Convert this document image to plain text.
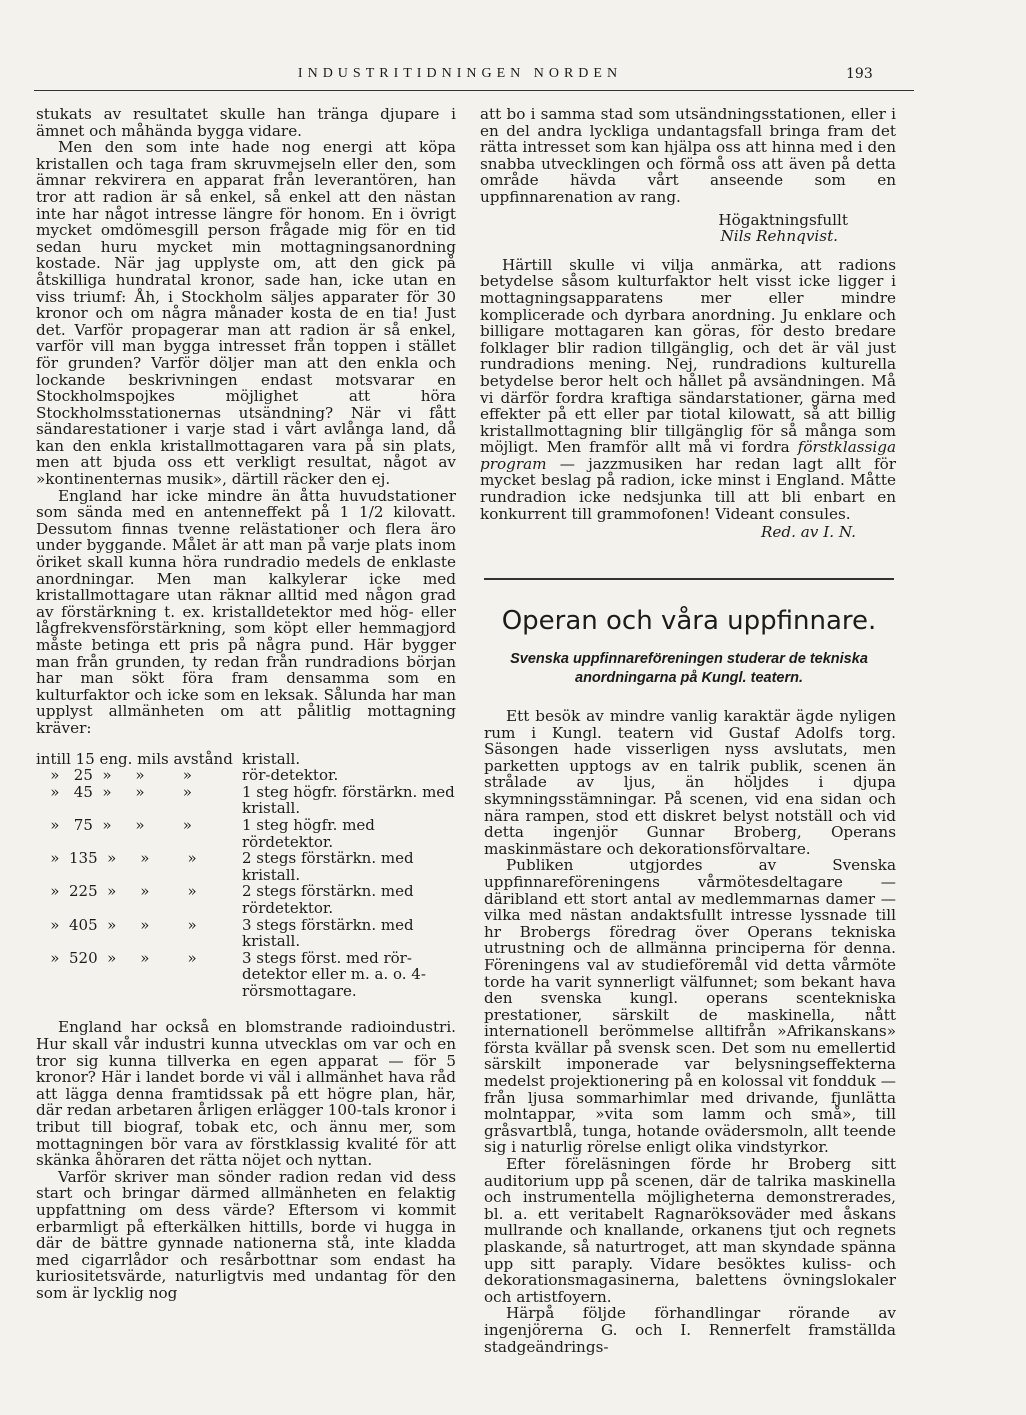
INDUSTRITIDNINGEN NORDEN	193

stukats av resultatet skulle han tränga djupare i ämnet och måhända bygga vidare.

Men den som inte hade nog energi att köpa kristallen och taga fram skruvmejseln eller den, som ämnar rekvirera en apparat från leverantören, han tror att radion är så enkel, så enkel att den nästan inte har något intresse längre för honom. En i övrigt mycket omdömesgill person frågade mig för en tid sedan huru mycket min mottagningsanordning kostade. När jag upplyste om, att den gick på åtskilliga hundratal kronor, sade han, icke utan en viss triumf: Åh, i Stockholm säljes apparater för 30 kronor och om några månader kosta de en tia! Just det. Varför propagerar man att radion är så enkel, varför vill man bygga intresset från toppen i stället för grunden? Varför döljer man att den enkla och lockande beskrivningen endast motsvarar en Stockholmspojkes möjlighet att höra Stockholmsstationernas utsändning? När vi fått sändarestationer i varje stad i vårt avlånga land, då kan den enkla kristallmottagaren vara på sin plats, men att bjuda oss ett verkligt resultat, något av »kontinenternas musik», därtill räcker den ej.

England har icke mindre än åtta huvudstationer som sända med en antenneffekt på 1 1/2 kilovatt. Dessutom finnas tvenne relästationer och flera äro under byggande. Målet är att man på varje plats inom öriket skall kunna höra rundradio medels de enklaste anordningar. Men man kalkylerar icke med kristallmottagare utan räknar alltid med någon grad av förstärkning t. ex. kristalldetektor med hög- eller lågfrekvensförstärkning, som köpt eller hemmagjord måste betinga ett pris på några pund. Här bygger man från grunden, ty redan från rundradions början har man sökt föra fram densamma som en kulturfaktor och icke som en leksak. Sålunda har man upplyst allmänheten om att pålitlig mottagning kräver:

intill 15 eng. mils avstånd kristall.
»   25  »     »        »	rör-detektor.
»   45  »     »        »	1 steg högfr. förstärkn. med kristall.
»   75  »     »        »	1 steg högfr. med rördetektor.
»  135  »     »        »	2 stegs förstärkn. med kristall.
»  225  »     »        »	2 stegs förstärkn. med rördetektor.
»  405  »     »        »	3 stegs förstärkn. med kristall.
»  520  »     »        »	3 stegs först. med rör-detektor eller m. a. o. 4-rörsmottagare.

England har också en blomstrande radioindustri. Hur skall vår industri kunna utvecklas om var och en tror sig kunna tillverka en egen apparat — för 5 kronor? Här i landet borde vi väl i allmänhet hava råd att lägga denna framtidssak på ett högre plan, här, där redan arbetaren årligen erlägger 100-tals kronor i tribut till biograf, tobak etc, och ännu mer, som mottagningen bör vara av förstklassig kvalité för att skänka åhöraren det rätta nöjet och nyttan.

Varför skriver man sönder radion redan vid dess start och bringar därmed allmänheten en felaktig uppfattning om dess värde? Eftersom vi kommit erbarmligt på efterkälken hittills, borde vi hugga in där de bättre gynnade nationerna stå, inte kladda med cigarrlådor och resårbottnar som endast ha kuriositetsvärde, naturligtvis med undantag för den som är lycklig nog

att bo i samma stad som utsändningsstationen, eller i en del andra lyckliga undantagsfall bringa fram det rätta intresset som kan hjälpa oss att hinna med i den snabba utvecklingen och förmå oss att även på detta område hävda vårt anseende som en uppfinnarenation av rang.

Högaktningsfullt
Nils Rehnqvist.

Härtill skulle vi vilja anmärka, att radions betydelse såsom kulturfaktor helt visst icke ligger i mottagningsapparatens mer eller mindre komplicerade och dyrbara anordning. Ju enklare och billigare mottagaren kan göras, för desto bredare folklager blir radion tillgänglig, och det är väl just rundradions mening. Nej, rundradions kulturella betydelse beror helt och hållet på avsändningen. Må vi därför fordra kraftiga sändarstationer, gärna med effekter på ett eller par tiotal kilowatt, så att billig kristallmottagning blir tillgänglig för så många som möjligt. Men framför allt må vi fordra förstklassiga program — jazzmusiken har redan lagt allt för mycket beslag på radion, icke minst i England. Måtte rundradion icke nedsjunka till att bli enbart en konkurrent till grammofonen! Videant consules.

Red. av I. N.
Operan och våra uppfinnare.
Svenska uppfinnareföreningen studerar de tekniska anordningarna på Kungl. teatern.

Ett besök av mindre vanlig karaktär ägde nyligen rum i Kungl. teatern vid Gustaf Adolfs torg. Säsongen hade visserligen nyss avslutats, men parketten upptogs av en talrik publik, scenen än strålade av ljus, än höljdes i djupa skymningsstämningar. På scenen, vid ena sidan och nära rampen, stod ett diskret belyst notställ och vid detta ingenjör Gunnar Broberg, Operans maskinmästare och dekorationsförvaltare.

Publiken utgjordes av Svenska uppfinnareföreningens vårmötesdeltagare — däribland ett stort antal av medlemmarnas damer — vilka med nästan andaktsfullt intresse lyssnade till hr Brobergs föredrag över Operans tekniska utrustning och de allmänna principerna för denna. Föreningens val av studieföremål vid detta vårmöte torde ha varit synnerligt välfunnet; som bekant hava den svenska kungl. operans scentekniska prestationer, särskilt de maskinella, nått internationell berömmelse alltifrån »Afrikanskans» första kvällar på svensk scen. Det som nu emellertid särskilt imponerade var belysningseffekterna medelst projektionering på en kolossal vit fondduk — från ljusa sommarhimlar med drivande, fjunlätta molntappar, »vita som lamm och små», till gråsvartblå, tunga, hotande ovädersmoln, allt teende sig i naturlig rörelse enligt olika vindstyrkor.

Efter föreläsningen förde hr Broberg sitt auditorium upp på scenen, där de talrika maskinella och instrumentella möjligheterna demonstrerades, bl. a. ett veritabelt Ragnaröksoväder med åskans mullrande och knallande, orkanens tjut och regnets plaskande, så naturtroget, att man skyndade spänna upp sitt paraply. Vidare besöktes kuliss- och dekorationsmagasinerna, balettens övningslokaler och artistfoyern.

Härpå följde förhandlingar rörande av ingenjörerna G. och I. Rennerfelt framställda stadgeändrings-
